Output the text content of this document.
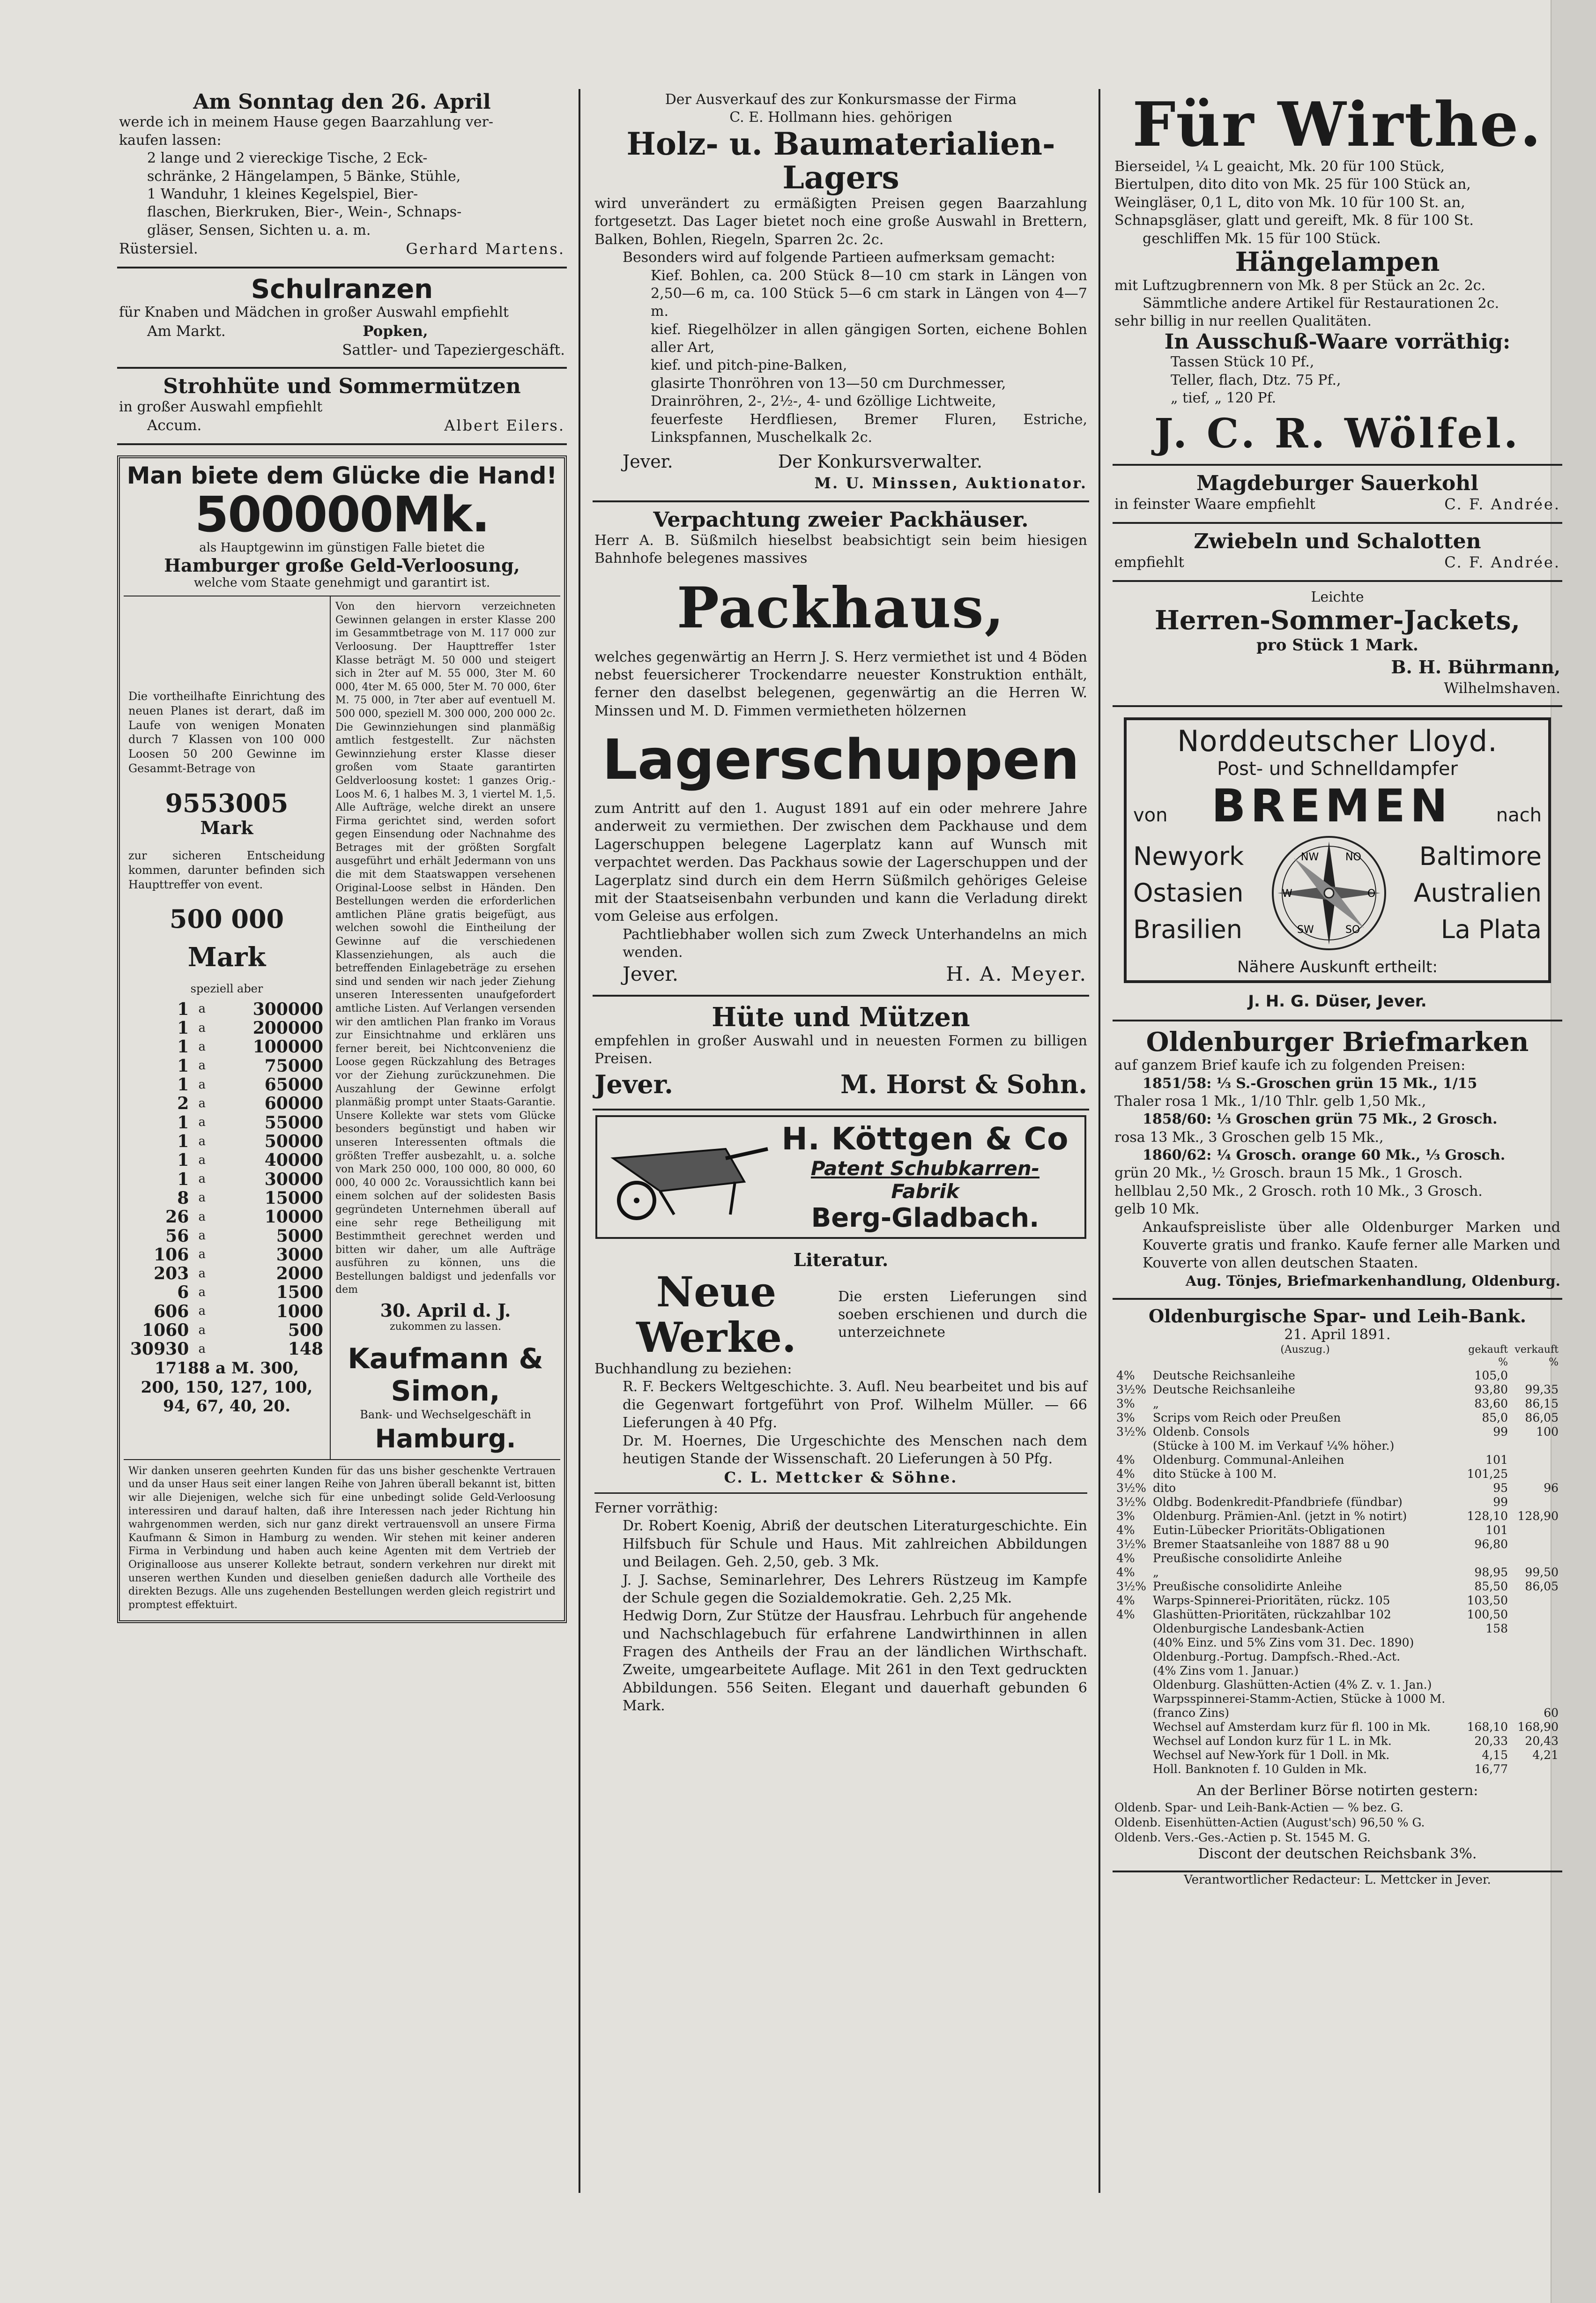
Am Sonntag den 26. April
werde ich in meinem Hause gegen Baarzahlung ver-
kaufen lassen:
2 lange und 2 viereckige Tische, 2 Eck-
schränke, 2 Hängelampen, 5 Bänke, Stühle,
1 Wanduhr, 1 kleines Kegelspiel, Bier-
flaschen, Bierkruken, Bier-, Wein-, Schnaps-
gläser, Sensen, Sichten u. a. m.
Rüstersiel.	Gerhard Martens.
Schulranzen
für Knaben und Mädchen in großer Auswahl empfiehlt
Am Markt.	Popken,
Sattler- und Tapeziergeschäft.
Strohhüte und Sommermützen
in großer Auswahl empfiehlt
Accum.	Albert Eilers.
Man biete dem Glücke die Hand!
500000Mk.
als Hauptgewinn im günstigen Falle bietet die
Hamburger große Geld-Verloosung,
welche vom Staate genehmigt und garantirt ist.
Die vortheilhafte Einrichtung des neuen Planes ist derart, daß im Laufe von wenigen Monaten durch 7 Klassen von 100 000 Loosen 50 200 Gewinne im Gesammt-Betrage von
9553005
Mark
zur sicheren Entscheidung kommen, darunter befinden sich Haupttreffer von event.
500 000
Mark
speziell aber
1	a	300000
1	a	200000
1	a	100000
1	a	75000
1	a	65000
2	a	60000
1	a	55000
1	a	50000
1	a	40000
1	a	30000
8	a	15000
26	a	10000
56	a	5000
106	a	3000
203	a	2000
6	a	1500
606	a	1000
1060	a	500
30930	a	148
17188 a M. 300,
200, 150, 127, 100,
94, 67, 40, 20.
Von den hiervorn verzeichneten Gewinnen gelangen in erster Klasse 200 im Gesammtbetrage von M. 117 000 zur Verloosung. Der Haupttreffer 1ster Klasse beträgt M. 50 000 und steigert sich in 2ter auf M. 55 000, 3ter M. 60 000, 4ter M. 65 000, 5ter M. 70 000, 6ter M. 75 000, in 7ter aber auf eventuell M. 500 000, speziell M. 300 000, 200 000 2c. Die Gewinnziehungen sind planmäßig amtlich festgestellt. Zur nächsten Gewinnziehung erster Klasse dieser großen vom Staate garantirten Geldverloosung kostet: 1 ganzes Orig.-Loos M. 6, 1 halbes M. 3, 1 viertel M. 1,5. Alle Aufträge, welche direkt an unsere Firma gerichtet sind, werden sofort gegen Einsendung oder Nachnahme des Betrages mit der größten Sorgfalt ausgeführt und erhält Jedermann von uns die mit dem Staatswappen versehenen Original-Loose selbst in Händen. Den Bestellungen werden die erforderlichen amtlichen Pläne gratis beigefügt, aus welchen sowohl die Eintheilung der Gewinne auf die verschiedenen Klassenziehungen, als auch die betreffenden Einlagebeträge zu ersehen sind und senden wir nach jeder Ziehung unseren Interessenten unaufgefordert amtliche Listen. Auf Verlangen versenden wir den amtlichen Plan franko im Voraus zur Einsichtnahme und erklären uns ferner bereit, bei Nichtconvenienz die Loose gegen Rückzahlung des Betrages vor der Ziehung zurückzunehmen. Die Auszahlung der Gewinne erfolgt planmäßig prompt unter Staats-Garantie. Unsere Kollekte war stets vom Glücke besonders begünstigt und haben wir unseren Interessenten oftmals die größten Treffer ausbezahlt, u. a. solche von Mark 250 000, 100 000, 80 000, 60 000, 40 000 2c. Voraussichtlich kann bei einem solchen auf der solidesten Basis gegründeten Unternehmen überall auf eine sehr rege Betheiligung mit Bestimmtheit gerechnet werden und bitten wir daher, um alle Aufträge ausführen zu können, uns die Bestellungen baldigst und jedenfalls vor dem
30. April d. J.
zukommen zu lassen.
Kaufmann &
Simon,
Bank- und Wechselgeschäft in
Hamburg.
Wir danken unseren geehrten Kunden für das uns bisher geschenkte Vertrauen und da unser Haus seit einer langen Reihe von Jahren überall bekannt ist, bitten wir alle Diejenigen, welche sich für eine unbedingt solide Geld-Verloosung interessiren und darauf halten, daß ihre Interessen nach jeder Richtung hin wahrgenommen werden, sich nur ganz direkt vertrauensvoll an unsere Firma Kaufmann & Simon in Hamburg zu wenden. Wir stehen mit keiner anderen Firma in Verbindung und haben auch keine Agenten mit dem Vertrieb der Originalloose aus unserer Kollekte betraut, sondern verkehren nur direkt mit unseren werthen Kunden und dieselben genießen dadurch alle Vortheile des direkten Bezugs. Alle uns zugehenden Bestellungen werden gleich registrirt und promptest effektuirt.
Der Ausverkauf des zur Konkursmasse der Firma
C. E. Hollmann hies. gehörigen
Holz- u. Baumaterialien-
Lagers
wird unverändert zu ermäßigten Preisen gegen Baarzahlung fortgesetzt. Das Lager bietet noch eine große Auswahl in Brettern, Balken, Bohlen, Riegeln, Sparren 2c. 2c.
Besonders wird auf folgende Partieen aufmerksam gemacht:
Kief. Bohlen, ca. 200 Stück 8—10 cm stark in Längen von 2,50—6 m, ca. 100 Stück 5—6 cm stark in Längen von 4—7 m.
kief. Riegelhölzer in allen gängigen Sorten, eichene Bohlen aller Art,
kief. und pitch-pine-Balken,
glasirte Thonröhren von 13—50 cm Durchmesser,
Drainröhren, 2-, 2½-, 4- und 6zöllige Lichtweite,
feuerfeste Herdfliesen, Bremer Fluren, Estriche, Linkspfannen, Muschelkalk 2c.
Jever.	Der Konkursverwalter.
M. U. Minssen, Auktionator.
Verpachtung zweier Packhäuser.
Herr A. B. Süßmilch hieselbst beabsichtigt sein beim hiesigen Bahnhofe belegenes massives
Packhaus,
welches gegenwärtig an Herrn J. S. Herz vermiethet ist und 4 Böden nebst feuersicherer Trockendarre neuester Konstruktion enthält, ferner den daselbst belegenen, gegenwärtig an die Herren W. Minssen und M. D. Fimmen vermietheten hölzernen
Lagerschuppen
zum Antritt auf den 1. August 1891 auf ein oder mehrere Jahre anderweit zu vermiethen. Der zwischen dem Packhause und dem Lagerschuppen belegene Lagerplatz kann auf Wunsch mit verpachtet werden. Das Packhaus sowie der Lagerschuppen und der Lagerplatz sind durch ein dem Herrn Süßmilch gehöriges Geleise mit der Staatseisenbahn verbunden und kann die Verladung direkt vom Geleise aus erfolgen.
Pachtliebhaber wollen sich zum Zweck Unterhandelns an mich wenden.
Jever.	H. A. Meyer.
Hüte und Mützen
empfehlen in großer Auswahl und in neuesten Formen zu billigen Preisen.
Jever.	M. Horst & Sohn.
H. Köttgen & Co
Patent Schubkarren-
Fabrik
Berg-Gladbach.
Literatur.
Neue Werke.
Die ersten Lieferungen sind soeben erschienen und durch die unterzeichnete
Buchhandlung zu beziehen:
R. F. Beckers Weltgeschichte. 3. Aufl. Neu bearbeitet und bis auf die Gegenwart fortgeführt von Prof. Wilhelm Müller. — 66 Lieferungen à 40 Pfg.
Dr. M. Hoernes, Die Urgeschichte des Menschen nach dem heutigen Stande der Wissenschaft. 20 Lieferungen à 50 Pfg.
C. L. Mettcker & Söhne.
Ferner vorräthig:
Dr. Robert Koenig, Abriß der deutschen Literaturgeschichte. Ein Hilfsbuch für Schule und Haus. Mit zahlreichen Abbildungen und Beilagen. Geh. 2,50, geb. 3 Mk.
J. J. Sachse, Seminarlehrer, Des Lehrers Rüstzeug im Kampfe der Schule gegen die Sozialdemokratie. Geh. 2,25 Mk.
Hedwig Dorn, Zur Stütze der Hausfrau. Lehrbuch für angehende und Nachschlagebuch für erfahrene Landwirthinnen in allen Fragen des Antheils der Frau an der ländlichen Wirthschaft. Zweite, umgearbeitete Auflage. Mit 261 in den Text gedruckten Abbildungen. 556 Seiten. Elegant und dauerhaft gebunden 6 Mark.
Für Wirthe.
Bierseidel, ¼ L geaicht, Mk. 20 für 100 Stück,
Biertulpen, dito dito von Mk. 25 für 100 Stück an,
Weingläser, 0,1 L, dito von Mk. 10 für 100 St. an,
Schnapsgläser, glatt und gereift, Mk. 8 für 100 St.
geschliffen Mk. 15 für 100 Stück.
Hängelampen
mit Luftzugbrennern von Mk. 8 per Stück an 2c. 2c.
Sämmtliche andere Artikel für Restaurationen 2c.
sehr billig in nur reellen Qualitäten.
In Ausschuß-Waare vorräthig:
Tassen Stück 10 Pf.,
Teller, flach, Dtz. 75 Pf.,
„ tief, „ 120 Pf.
J. C. R. Wölfel.
Magdeburger Sauerkohl
in feinster Waare empfiehlt	C. F. Andrée.
Zwiebeln und Schalotten
empfiehlt	C. F. Andrée.
Leichte
Herren-Sommer-Jackets,
pro Stück 1 Mark.
B. H. Bührmann,
Wilhelmshaven.
Norddeutscher Lloyd.
Post- und Schnelldampfer
von BREMEN nach
Newyork
Ostasien
Brasilien
NW	NO
W	O
SW	SO
Baltimore
Australien
La Plata
Nähere Auskunft ertheilt:
J. H. G. Düser, Jever.
Oldenburger Briefmarken
auf ganzem Brief kaufe ich zu folgenden Preisen:
1851/58: ⅓ S.-Groschen grün 15 Mk., 1/15
Thaler rosa 1 Mk., 1/10 Thlr. gelb 1,50 Mk.,
1858/60: ⅓ Groschen grün 75 Mk., 2 Grosch.
rosa 13 Mk., 3 Groschen gelb 15 Mk.,
1860/62: ¼ Grosch. orange 60 Mk., ⅓ Grosch.
grün 20 Mk., ½ Grosch. braun 15 Mk., 1 Grosch.
hellblau 2,50 Mk., 2 Grosch. roth 10 Mk., 3 Grosch.
gelb 10 Mk.
Ankaufspreisliste über alle Oldenburger Marken und Kouverte gratis und franko. Kaufe ferner alle Marken und Kouverte von allen deutschen Staaten.
Aug. Tönjes, Briefmarkenhandlung, Oldenburg.
Oldenburgische Spar- und Leih-Bank.
21. April 1891.
	(Auszug.)	gekauft %	verkauft %
4%	Deutsche Reichsanleihe	105,0	
3½%	Deutsche Reichsanleihe	93,80	99,35
3%	„	83,60	86,15
3%	Scrips vom Reich oder Preußen	85,0	86,05
3½%	Oldenb. Consols	99	100
	(Stücke à 100 M. im Verkauf ¼% höher.)		
4%	Oldenburg. Communal-Anleihen	101	
4%	dito Stücke à 100 M.	101,25	
3½%	dito	95	96
3½%	Oldbg. Bodenkredit-Pfandbriefe (fündbar)	99	
3%	Oldenburg. Prämien-Anl. (jetzt in % notirt)	128,10	128,90
4%	Eutin-Lübecker Prioritäts-Obligationen	101	
3½%	Bremer Staatsanleihe von 1887 88 u 90	96,80	
4%	Preußische consolidirte Anleihe		
4%	„	98,95	99,50
3½%	Preußische consolidirte Anleihe	85,50	86,05
4%	Warps-Spinnerei-Prioritäten, rückz. 105	103,50	
4%	Glashütten-Prioritäten, rückzahlbar 102	100,50	
	Oldenburgische Landesbank-Actien	158	
	(40% Einz. und 5% Zins vom 31. Dec. 1890)		
	Oldenburg.-Portug. Dampfsch.-Rhed.-Act.		
	(4% Zins vom 1. Januar.)		
	Oldenburg. Glashütten-Actien (4% Z. v. 1. Jan.)		
	Warpsspinnerei-Stamm-Actien, Stücke à 1000 M.		
	(franco Zins)		60
	Wechsel auf Amsterdam kurz für fl. 100 in Mk.	168,10	168,90
	Wechsel auf London kurz für 1 L. in Mk.	20,33	20,43
	Wechsel auf New-York für 1 Doll. in Mk.	4,15	4,21
	Holl. Banknoten f. 10 Gulden in Mk.	16,77	
An der Berliner Börse notirten gestern:
Oldenb. Spar- und Leih-Bank-Actien — % bez. G.
Oldenb. Eisenhütten-Actien (August'sch) 96,50 % G.
Oldenb. Vers.-Ges.-Actien p. St. 1545 M. G.
Discont der deutschen Reichsbank 3%.
Verantwortlicher Redacteur: L. Mettcker in Jever.
